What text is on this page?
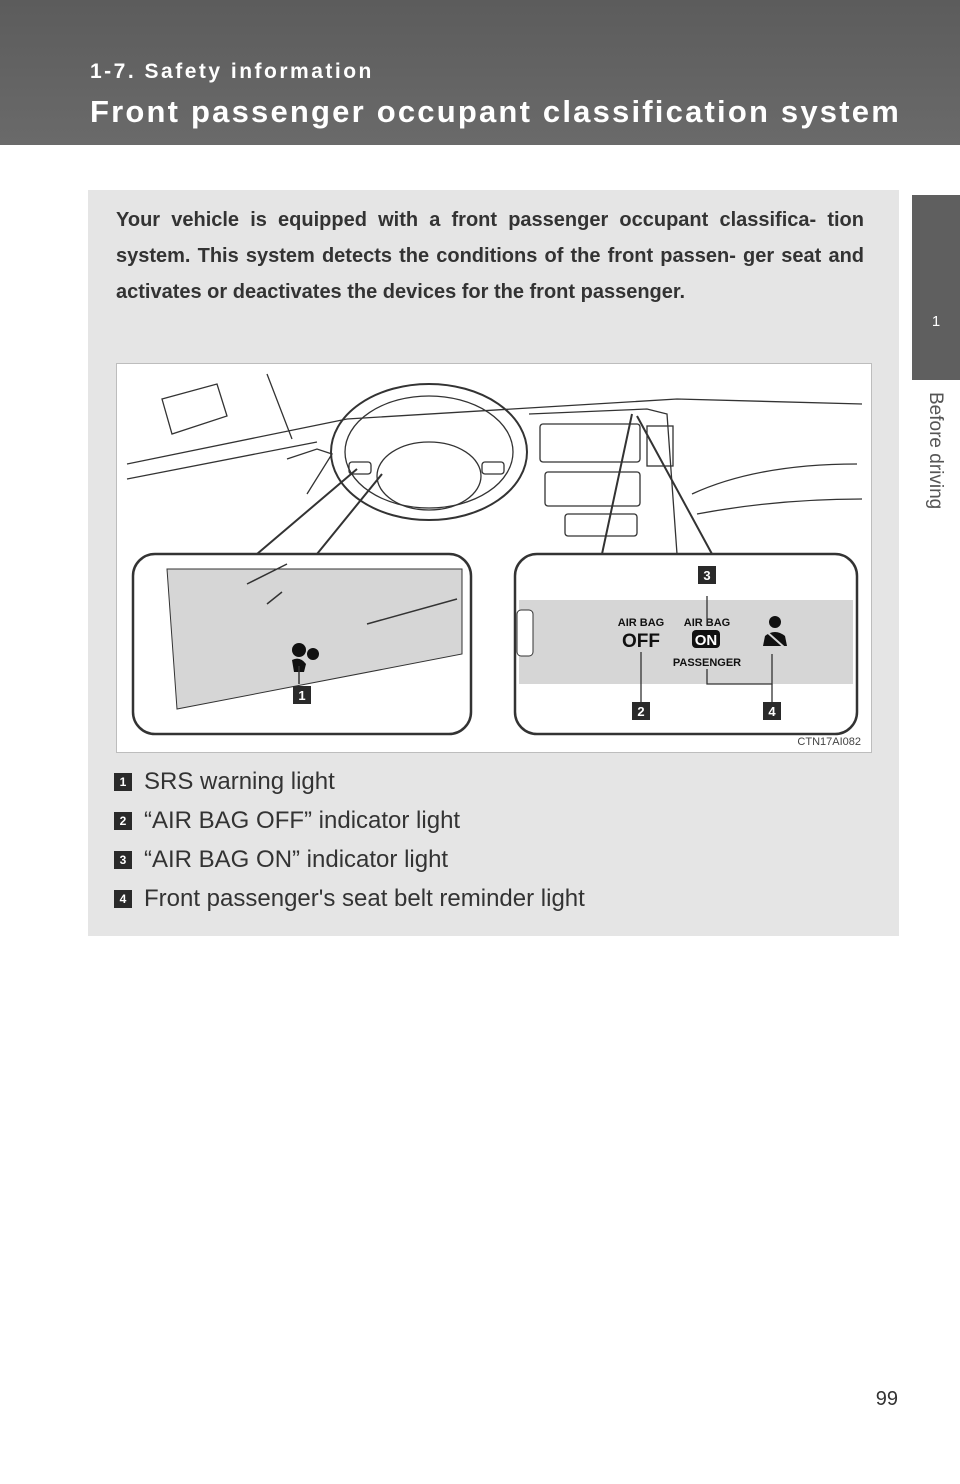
1-7. Safety information
Front passenger occupant classification system
1
Before driving
Your vehicle is equipped with a front passenger occupant classifica- tion system. This system detects the conditions of the front passen- ger seat and activates or deactivates the devices for the front passenger.
AIR BAG
OFF
AIR BAG
ON
PASSENGER
1
2
3
4
CTN17AI082
1 SRS warning light
2 “AIR BAG OFF” indicator light
3 “AIR BAG ON” indicator light
4 Front passenger's seat belt reminder light
99
